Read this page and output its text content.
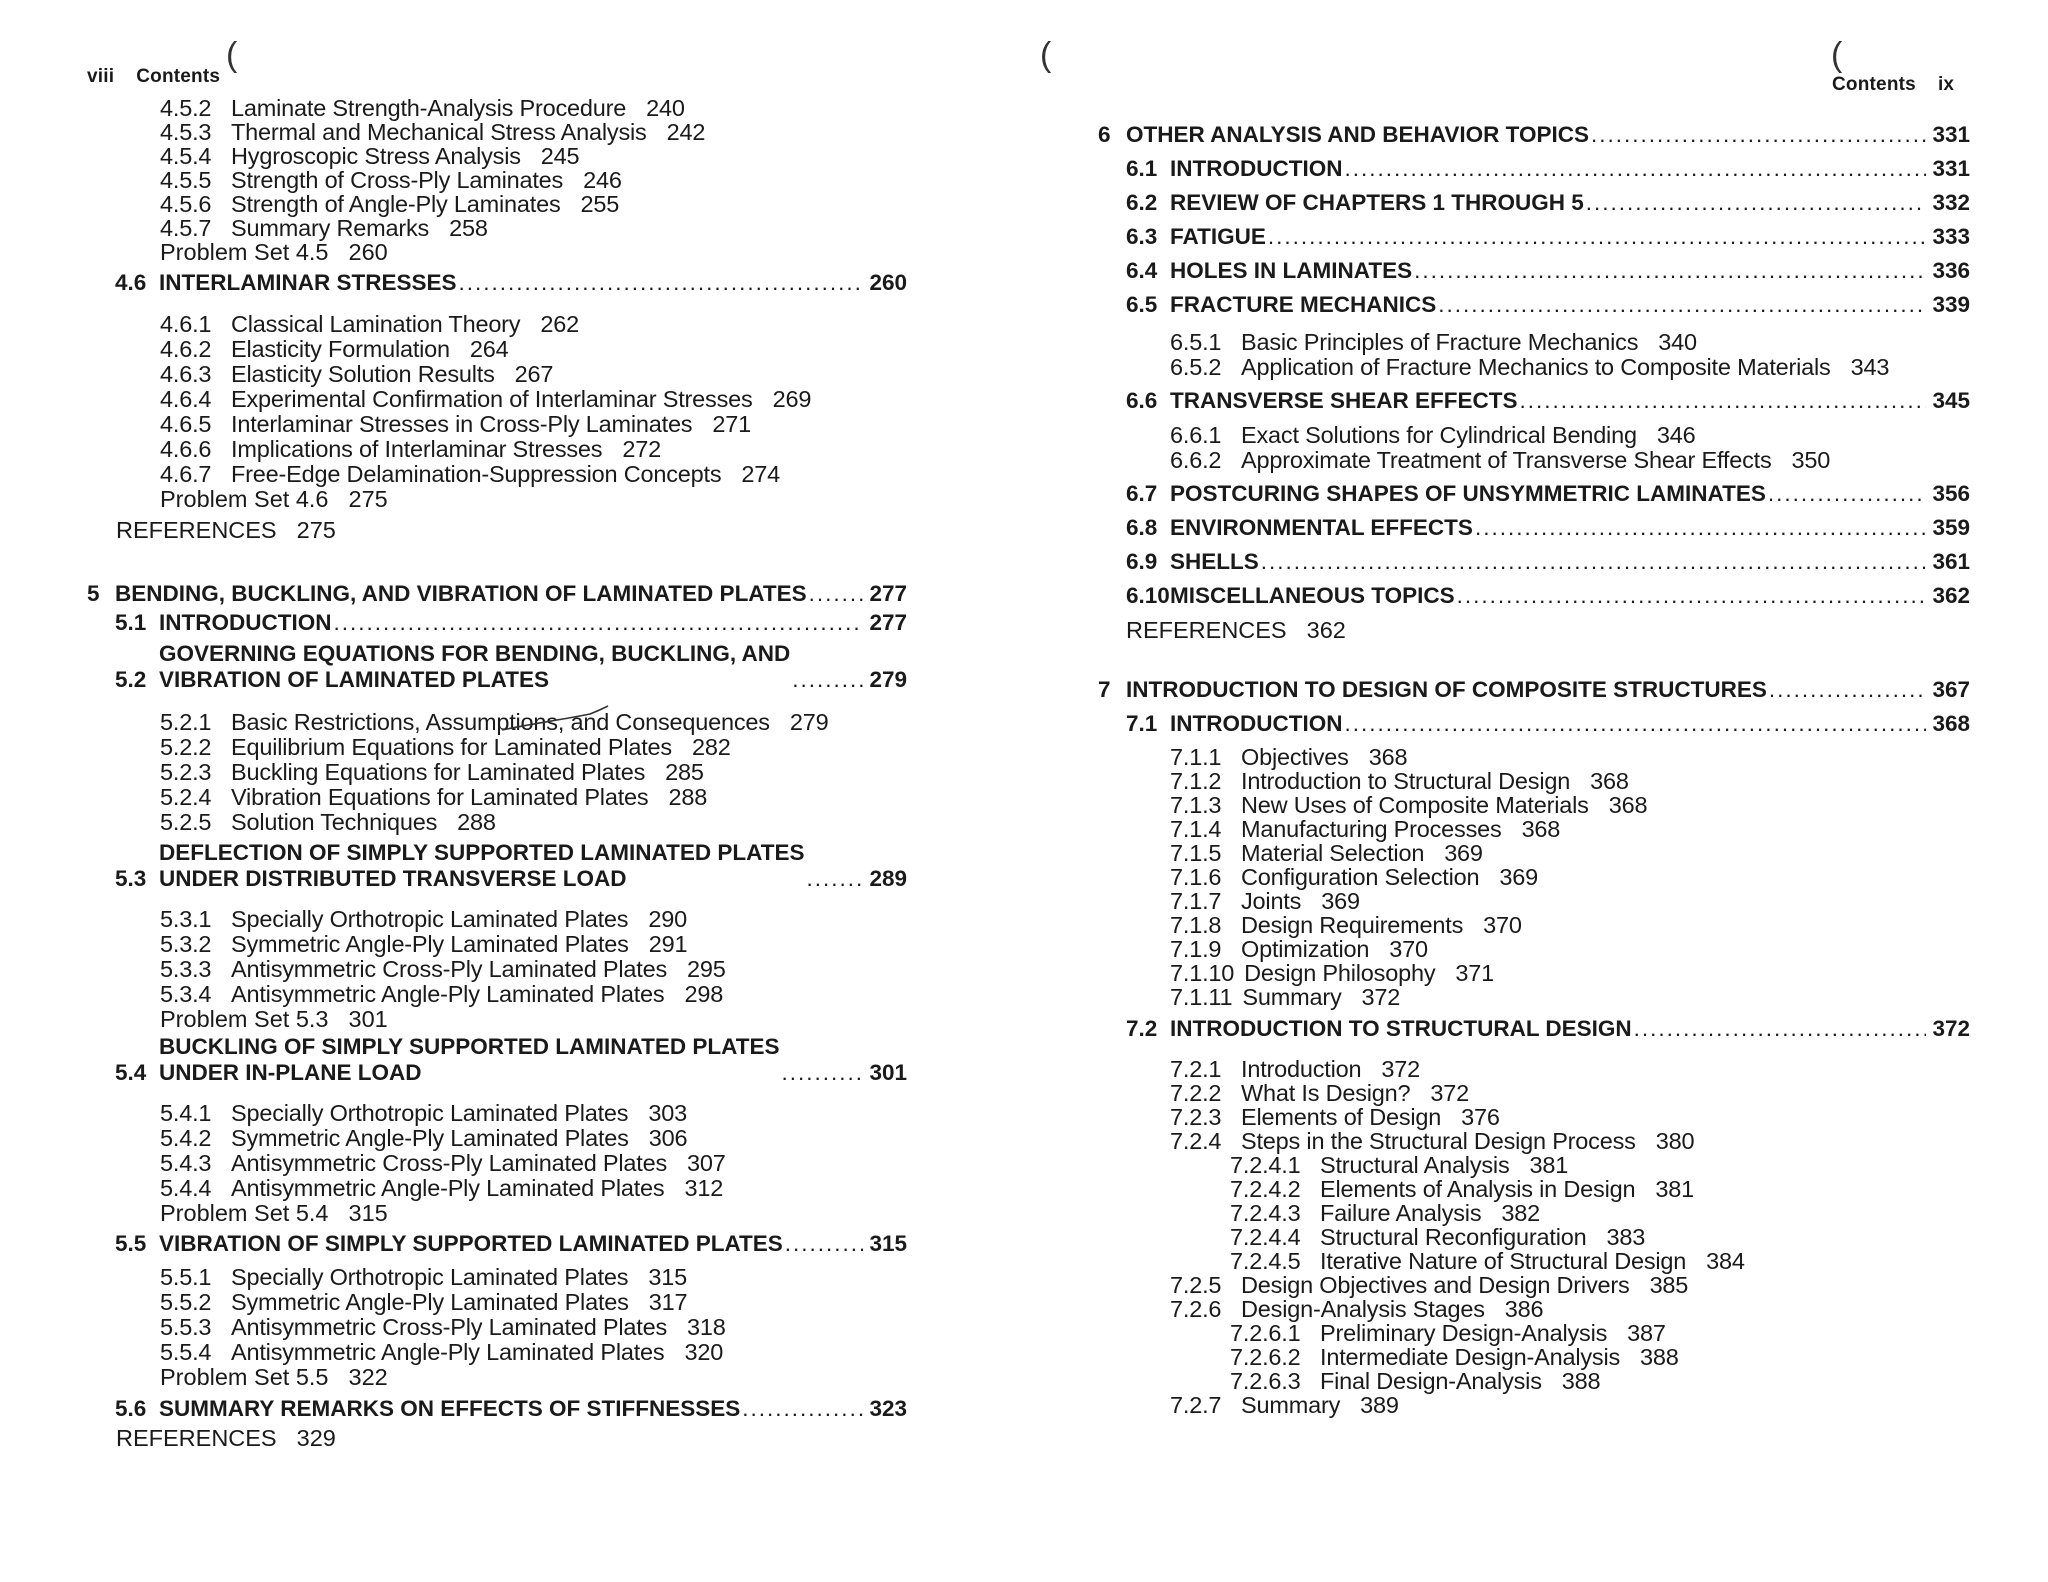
viii Contents
(
4.5.2 Laminate Strength-Analysis Procedure 240
4.5.3 Thermal and Mechanical Stress Analysis 242
4.5.4 Hygroscopic Stress Analysis 245
4.5.5 Strength of Cross-Ply Laminates 246
4.5.6 Strength of Angle-Ply Laminates 255
4.5.7 Summary Remarks 258
Problem Set 4.5 260
4.6 INTERLAMINAR STRESSES .....	260
4.6.1 Classical Lamination Theory 262
4.6.2 Elasticity Formulation 264
4.6.3 Elasticity Solution Results 267
4.6.4 Experimental Confirmation of Interlaminar Stresses 269
4.6.5 Interlaminar Stresses in Cross-Ply Laminates 271
4.6.6 Implications of Interlaminar Stresses 272
4.6.7 Free-Edge Delamination-Suppression Concepts 274
Problem Set 4.6 275
REFERENCES 275
5 BENDING, BUCKLING, AND VIBRATION OF LAMINATED PLATES .....	277
5.1 INTRODUCTION .....	277
5.2
GOVERNING EQUATIONS FOR BENDING, BUCKLING, AND
VIBRATION OF LAMINATED PLATES .....	279
5.2.1 Basic Restrictions, Assumptions, and Consequences 279
5.2.2 Equilibrium Equations for Laminated Plates 282
5.2.3 Buckling Equations for Laminated Plates 285
5.2.4 Vibration Equations for Laminated Plates 288
5.2.5 Solution Techniques 288
5.3
DEFLECTION OF SIMPLY SUPPORTED LAMINATED PLATES
UNDER DISTRIBUTED TRANSVERSE LOAD .....	289
5.3.1 Specially Orthotropic Laminated Plates 290
5.3.2 Symmetric Angle-Ply Laminated Plates 291
5.3.3 Antisymmetric Cross-Ply Laminated Plates 295
5.3.4 Antisymmetric Angle-Ply Laminated Plates 298
Problem Set 5.3 301
5.4
BUCKLING OF SIMPLY SUPPORTED LAMINATED PLATES
UNDER IN-PLANE LOAD .....	301
5.4.1 Specially Orthotropic Laminated Plates 303
5.4.2 Symmetric Angle-Ply Laminated Plates 306
5.4.3 Antisymmetric Cross-Ply Laminated Plates 307
5.4.4 Antisymmetric Angle-Ply Laminated Plates 312
Problem Set 5.4 315
5.5 VIBRATION OF SIMPLY SUPPORTED LAMINATED PLATES .....	315
5.5.1 Specially Orthotropic Laminated Plates 315
5.5.2 Symmetric Angle-Ply Laminated Plates 317
5.5.3 Antisymmetric Cross-Ply Laminated Plates 318
5.5.4 Antisymmetric Angle-Ply Laminated Plates 320
Problem Set 5.5 322
5.6 SUMMARY REMARKS ON EFFECTS OF STIFFNESSES .....	323
REFERENCES 329
(	(
Contents ix
6 OTHER ANALYSIS AND BEHAVIOR TOPICS .....	331
6.1 INTRODUCTION .....	331
6.2 REVIEW OF CHAPTERS 1 THROUGH 5 .....	332
6.3 FATIGUE .....	333
6.4 HOLES IN LAMINATES .....	336
6.5 FRACTURE MECHANICS .....	339
6.5.1 Basic Principles of Fracture Mechanics 340
6.5.2 Application of Fracture Mechanics to Composite Materials 343
6.6 TRANSVERSE SHEAR EFFECTS .....	345
6.6.1 Exact Solutions for Cylindrical Bending 346
6.6.2 Approximate Treatment of Transverse Shear Effects 350
6.7 POSTCURING SHAPES OF UNSYMMETRIC LAMINATES .....	356
6.8 ENVIRONMENTAL EFFECTS .....	359
6.9 SHELLS .....	361
6.10 MISCELLANEOUS TOPICS .....	362
REFERENCES 362
7 INTRODUCTION TO DESIGN OF COMPOSITE STRUCTURES .....	367
7.1 INTRODUCTION .....	368
7.1.1 Objectives 368
7.1.2 Introduction to Structural Design 368
7.1.3 New Uses of Composite Materials 368
7.1.4 Manufacturing Processes 368
7.1.5 Material Selection 369
7.1.6 Configuration Selection 369
7.1.7 Joints 369
7.1.8 Design Requirements 370
7.1.9 Optimization 370
7.1.10 Design Philosophy 371
7.1.11 Summary 372
7.2 INTRODUCTION TO STRUCTURAL DESIGN .....	372
7.2.1 Introduction 372
7.2.2 What Is Design? 372
7.2.3 Elements of Design 376
7.2.4 Steps in the Structural Design Process 380
7.2.4.1 Structural Analysis 381
7.2.4.2 Elements of Analysis in Design 381
7.2.4.3 Failure Analysis 382
7.2.4.4 Structural Reconfiguration 383
7.2.4.5 Iterative Nature of Structural Design 384
7.2.5 Design Objectives and Design Drivers 385
7.2.6 Design-Analysis Stages 386
7.2.6.1 Preliminary Design-Analysis 387
7.2.6.2 Intermediate Design-Analysis 388
7.2.6.3 Final Design-Analysis 388
7.2.7 Summary 389
